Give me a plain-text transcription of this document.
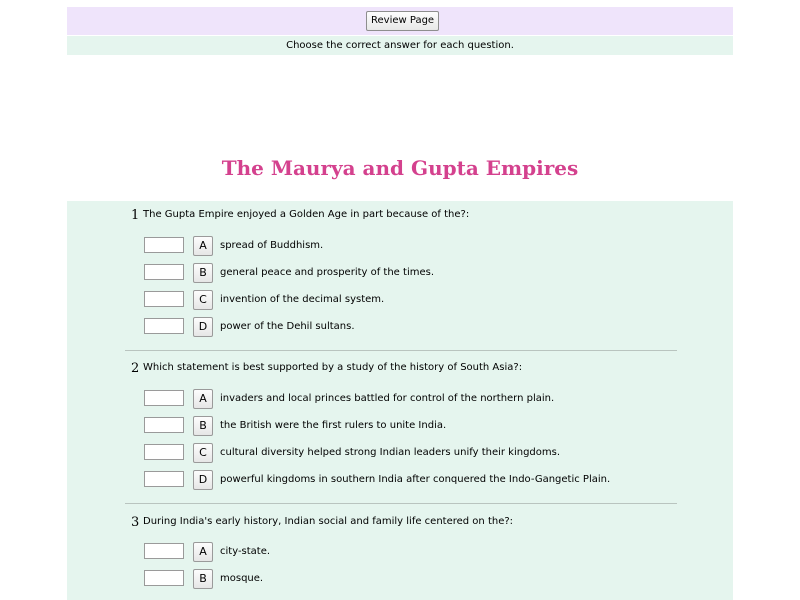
Review Page
Choose the correct answer for each question.
The Maurya and Gupta Empires
1 The Gupta Empire enjoyed a Golden Age in part because of the?:
A	spread of Buddhism.
B	general peace and prosperity of the times.
C	invention of the decimal system.
D	power of the Dehil sultans.
2 Which statement is best supported by a study of the history of South Asia?:
A	invaders and local princes battled for control of the northern plain.
B	the British were the first rulers to unite India.
C	cultural diversity helped strong Indian leaders unify their kingdoms.
D	powerful kingdoms in southern India after conquered the Indo-Gangetic Plain.
3 During India's early history, Indian social and family life centered on the?:
A	city-state.
B	mosque.
